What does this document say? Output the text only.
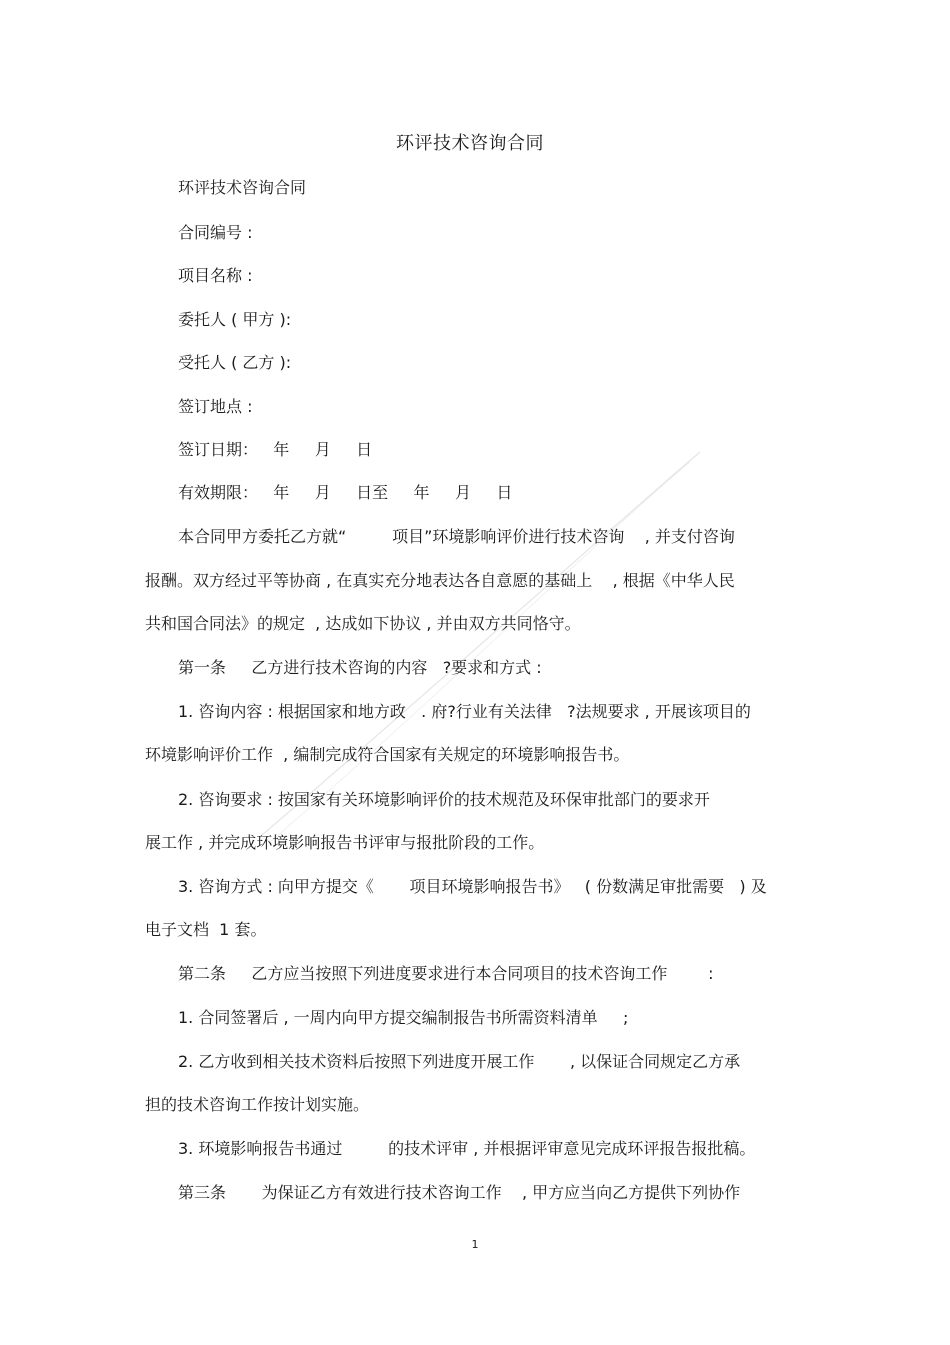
环评技术咨询合同
环评技术咨询合同
合同编号 :
项目名称 :
委托人 ( 甲方 ):
受托人 ( 乙方 ):
签订地点 :
签订日期：   年     月     日
有效期限：   年     月     日至     年     月     日
本合同甲方委托乙方就“         项目”环境影响评价进行技术咨询    , 并支付咨询
报酬。双方经过平等协商 , 在真实充分地表达各自意愿的基础上    , 根据《中华人民
共和国合同法》的规定  , 达成如下协议 , 并由双方共同恪守。
第一条     乙方进行技术咨询的内容   ?要求和方式 :
1. 咨询内容 : 根据国家和地方政   . 府?行业有关法律   ?法规要求 , 开展该项目的
环境影响评价工作  , 编制完成符合国家有关规定的环境影响报告书。
2. 咨询要求 : 按国家有关环境影响评价的技术规范及环保审批部门的要求开
展工作 , 并完成环境影响报告书评审与报批阶段的工作。
3. 咨询方式 : 向甲方提交《       项目环境影响报告书》   ( 份数满足审批需要   ) 及
电子文档  1 套。
第二条     乙方应当按照下列进度要求进行本合同项目的技术咨询工作        :
1. 合同签署后 , 一周内向甲方提交编制报告书所需资料清单     ;
2. 乙方收到相关技术资料后按照下列进度开展工作       , 以保证合同规定乙方承
担的技术咨询工作按计划实施。
3. 环境影响报告书通过         的技术评审 , 并根据评审意见完成环评报告报批稿。
第三条       为保证乙方有效进行技术咨询工作    , 甲方应当向乙方提供下列协作
1
